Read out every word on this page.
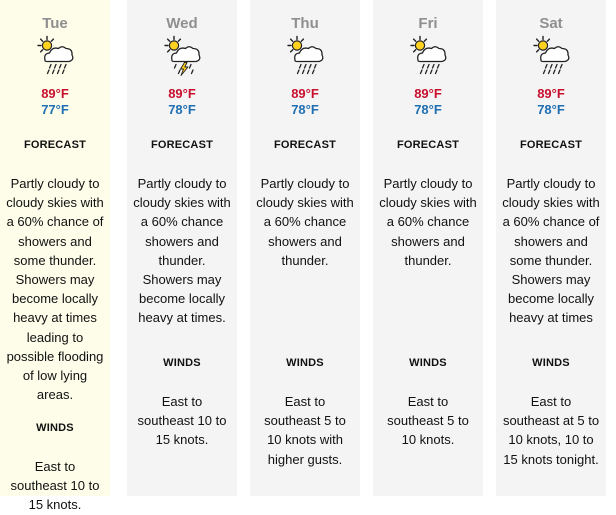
Tue
89°F
77°F
FORECAST
Partly cloudy to cloudy skies with a 60% chance of showers and some thunder. Showers may become locally heavy at times leading to possible flooding of low lying areas.
WINDS
East to southeast 10 to 15 knots.
Wed
89°F
78°F
FORECAST
Partly cloudy to cloudy skies with a 60% chance showers and thunder. Showers may become locally heavy at times.
WINDS
East to southeast 10 to 15 knots.
Thu
89°F
78°F
FORECAST
Partly cloudy to cloudy skies with a 60% chance showers and thunder.
WINDS
East to southeast 5 to 10 knots with higher gusts.
Fri
89°F
78°F
FORECAST
Partly cloudy to cloudy skies with a 60% chance showers and thunder.
WINDS
East to southeast 5 to 10 knots.
Sat
89°F
78°F
FORECAST
Partly cloudy to cloudy skies with a 60% chance of showers and some thunder. Showers may become locally heavy at times
WINDS
East to southeast at 5 to 10 knots, 10 to 15 knots tonight.
